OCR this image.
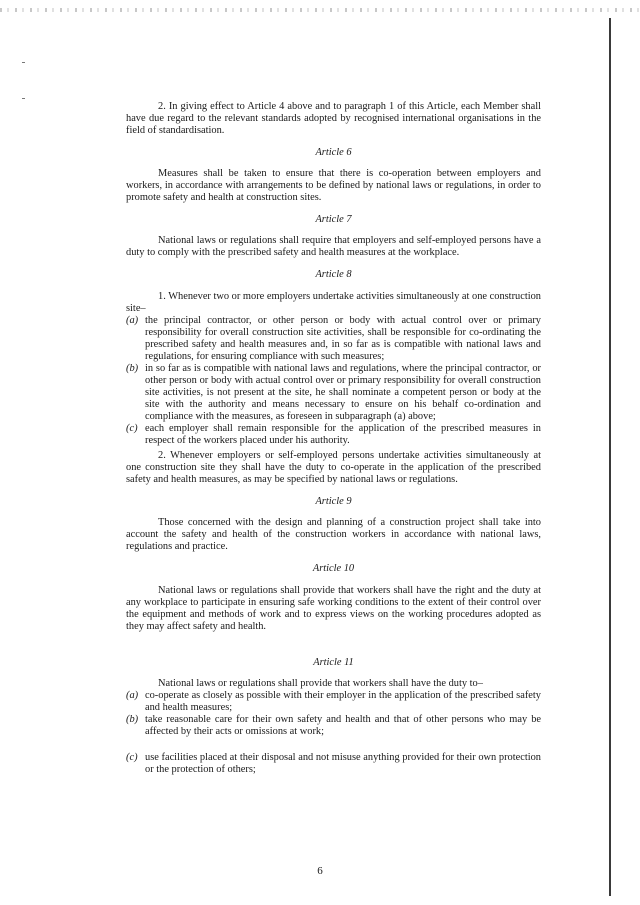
2. In giving effect to Article 4 above and to paragraph 1 of this Article, each Member shall have due regard to the relevant standards adopted by recognised international organisations in the field of standardisation.

Article 6

Measures shall be taken to ensure that there is co-operation between employers and workers, in accordance with arrangements to be defined by national laws or regulations, in order to promote safety and health at construction sites.

Article 7

National laws or regulations shall require that employers and self-employed persons have a duty to comply with the prescribed safety and health measures at the workplace.

Article 8

1. Whenever two or more employers undertake activities simultaneously at one construction site–

(a) the principal contractor, or other person or body with actual control over or primary responsibility for overall construction site activities, shall be responsible for co-ordinating the prescribed safety and health measures and, in so far as is compatible with national laws and regulations, for ensuring compliance with such measures;
(b) in so far as is compatible with national laws and regulations, where the principal contractor, or other person or body with actual control over or primary responsibility for overall construction site activities, is not present at the site, he shall nominate a competent person or body at the site with the authority and means necessary to ensure on his behalf co-ordination and compliance with the measures, as foreseen in subparagraph (a) above;
(c) each employer shall remain responsible for the application of the prescribed measures in respect of the workers placed under his authority.

2. Whenever employers or self-employed persons undertake activities simultaneously at one construction site they shall have the duty to co-operate in the application of the prescribed safety and health measures, as may be specified by national laws or regulations.

Article 9

Those concerned with the design and planning of a construction project shall take into account the safety and health of the construction workers in accordance with national laws, regulations and practice.

Article 10

National laws or regulations shall provide that workers shall have the right and the duty at any workplace to participate in ensuring safe working conditions to the extent of their control over the equipment and methods of work and to express views on the working procedures adopted as they may affect safety and health.

Article 11

National laws or regulations shall provide that workers shall have the duty to–

(a) co-operate as closely as possible with their employer in the application of the prescribed safety and health measures;
(b) take reasonable care for their own safety and health and that of other persons who may be affected by their acts or omissions at work;
(c) use facilities placed at their disposal and not misuse anything provided for their own protection or the protection of others;
6
